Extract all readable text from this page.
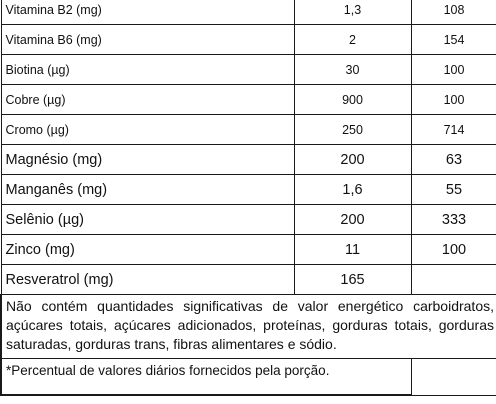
Vitamina B2 (mg)	1,3	108
Vitamina B6 (mg)	2	154
Biotina (µg)	30	100
Cobre (µg)	900	100
Cromo (µg)	250	714
Magnésio (mg)	200	63
Manganês (mg)	1,6	55
Selênio (µg)	200	333
Zinco (mg)	11	100
Resveratrol (mg)	165	
Não contém quantidades significativas de valor energético carboidratos, açúcares totais, açúcares adicionados, proteínas, gorduras totais, gorduras saturadas, gorduras trans, fibras alimentares e sódio.		
*Percentual de valores diários fornecidos pela porção.		
